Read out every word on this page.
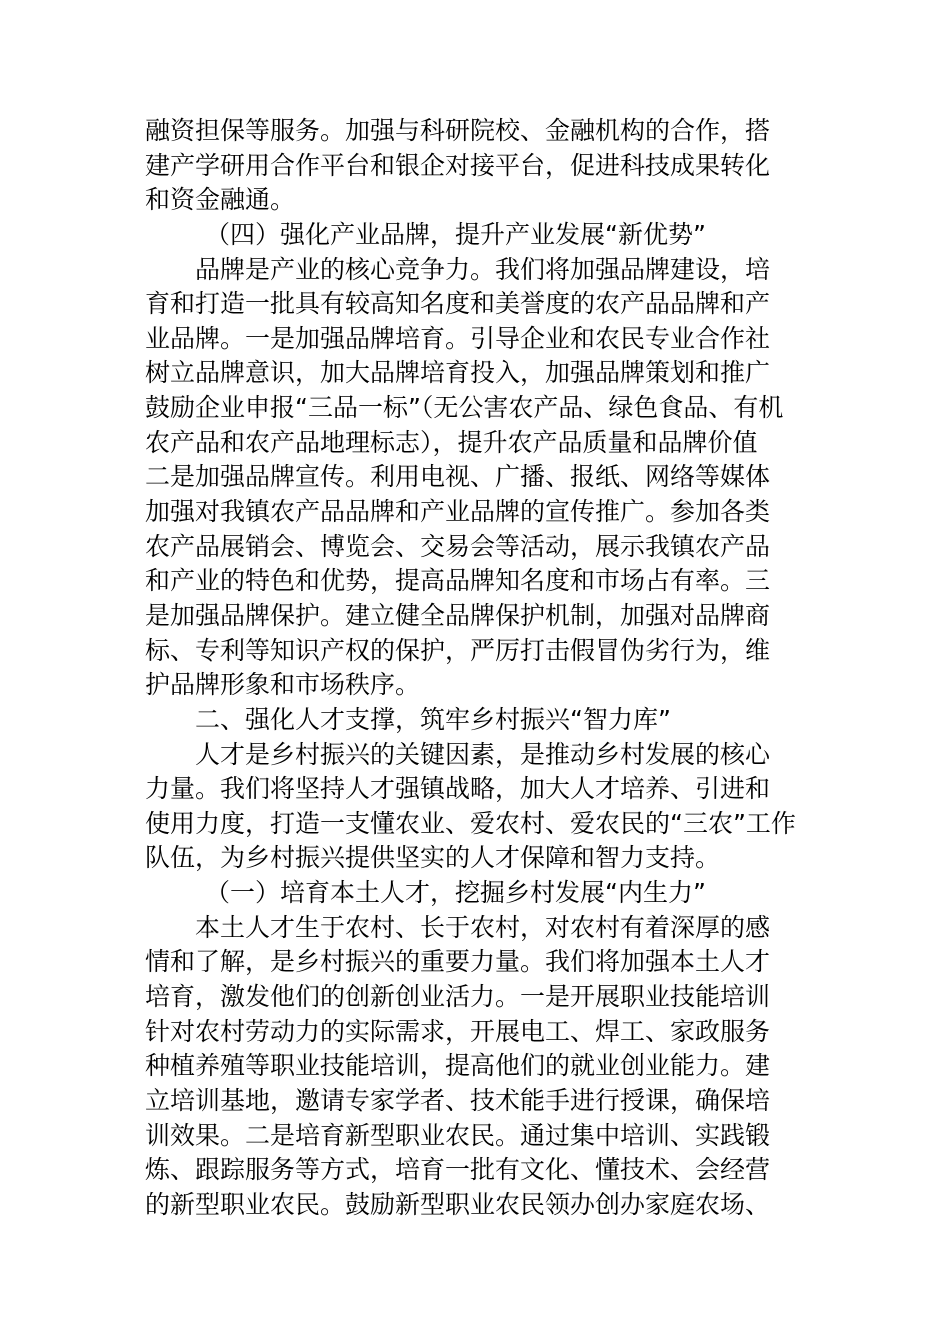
融资担保等服务。加强与科研院校、金融机构的合作，搭
建产学研用合作平台和银企对接平台，促进科技成果转化
和资金融通。
（四）强化产业品牌，提升产业发展“新优势”
品牌是产业的核心竞争力。我们将加强品牌建设，培
育和打造一批具有较高知名度和美誉度的农产品品牌和产
业品牌。一是加强品牌培育。引导企业和农民专业合作社
树立品牌意识，加大品牌培育投入，加强品牌策划和推广
鼓励企业申报“三品一标”（无公害农产品、绿色食品、有机
农产品和农产品地理标志），提升农产品质量和品牌价值
二是加强品牌宣传。利用电视、广播、报纸、网络等媒体
加强对我镇农产品品牌和产业品牌的宣传推广。参加各类
农产品展销会、博览会、交易会等活动，展示我镇农产品
和产业的特色和优势，提高品牌知名度和市场占有率。三
是加强品牌保护。建立健全品牌保护机制，加强对品牌商
标、专利等知识产权的保护，严厉打击假冒伪劣行为，维
护品牌形象和市场秩序。
二、强化人才支撑，筑牢乡村振兴“智力库”
人才是乡村振兴的关键因素，是推动乡村发展的核心
力量。我们将坚持人才强镇战略，加大人才培养、引进和
使用力度，打造一支懂农业、爱农村、爱农民的“三农”工作
队伍，为乡村振兴提供坚实的人才保障和智力支持。
（一）培育本土人才，挖掘乡村发展“内生力”
本土人才生于农村、长于农村，对农村有着深厚的感
情和了解，是乡村振兴的重要力量。我们将加强本土人才
培育，激发他们的创新创业活力。一是开展职业技能培训
针对农村劳动力的实际需求，开展电工、焊工、家政服务
种植养殖等职业技能培训，提高他们的就业创业能力。建
立培训基地，邀请专家学者、技术能手进行授课，确保培
训效果。二是培育新型职业农民。通过集中培训、实践锻
炼、跟踪服务等方式，培育一批有文化、懂技术、会经营
的新型职业农民。鼓励新型职业农民领办创办家庭农场、
